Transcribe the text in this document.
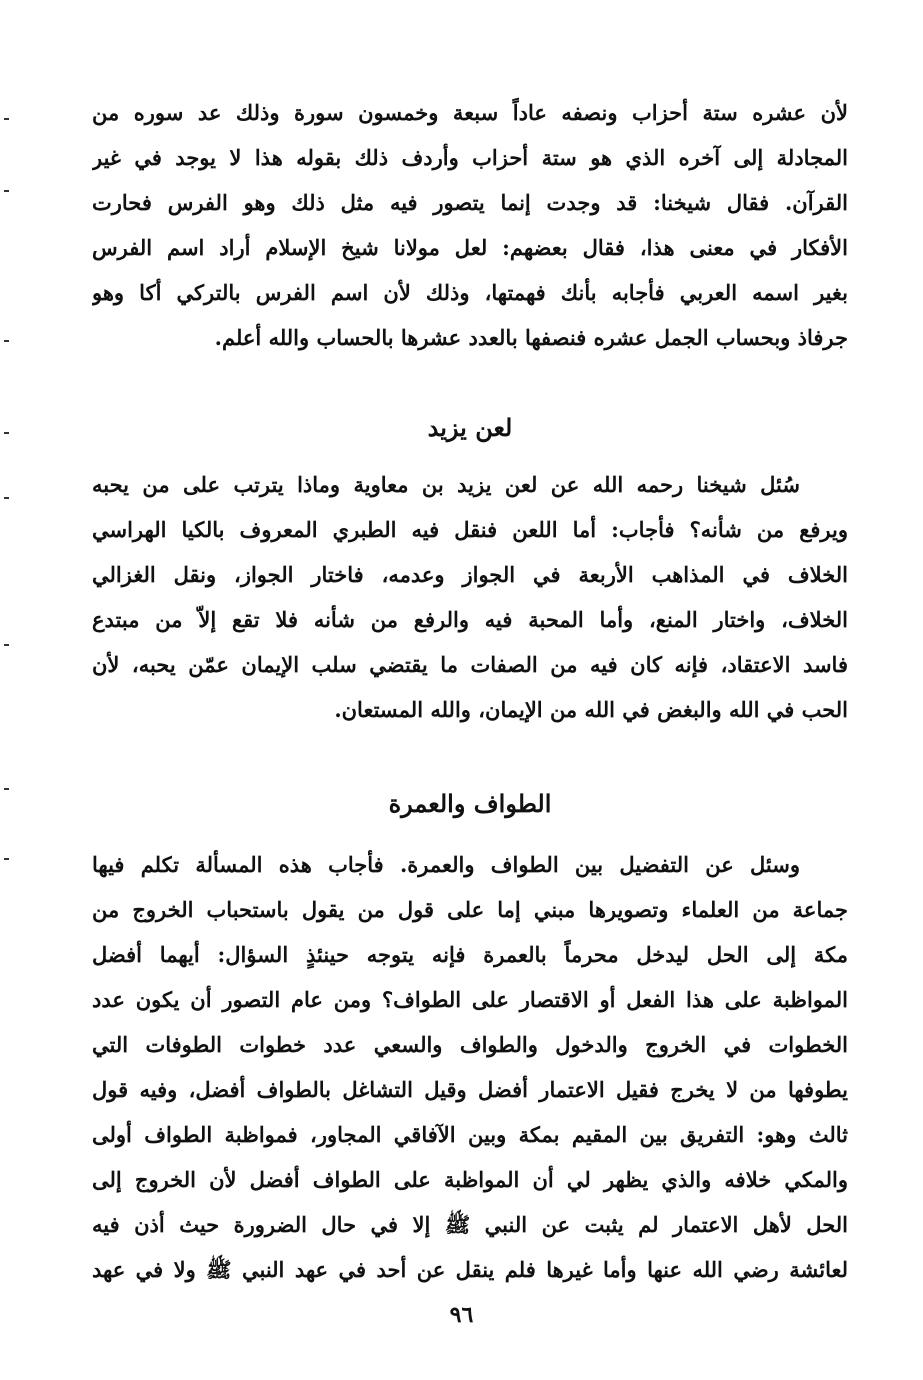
لأن عشره ستة أحزاب ونصفه عاداً سبعة وخمسون سورة وذلك عد سوره من
المجادلة إلى آخره الذي هو ستة أحزاب وأردف ذلك بقوله هذا لا يوجد في غير
القرآن. فقال شيخنا: قد وجدت إنما يتصور فيه مثل ذلك وهو الفرس فحارت
الأفكار في معنى هذا، فقال بعضهم: لعل مولانا شيخ الإسلام أراد اسم الفرس
بغير اسمه العربي فأجابه بأنك فهمتها، وذلك لأن اسم الفرس بالتركي أكا وهو
جرفاذ وبحساب الجمل عشره فنصفها بالعدد عشرها بالحساب والله أعلم.
لعن يزيد
سُئل شيخنا رحمه الله عن لعن يزيد بن معاوية وماذا يترتب على من يحبه
ويرفع من شأنه؟ فأجاب: أما اللعن فنقل فيه الطبري المعروف بالكيا الهراسي
الخلاف في المذاهب الأربعة في الجواز وعدمه، فاختار الجواز، ونقل الغزالي
الخلاف، واختار المنع، وأما المحبة فيه والرفع من شأنه فلا تقع إلاّ من مبتدع
فاسد الاعتقاد، فإنه كان فيه من الصفات ما يقتضي سلب الإيمان عمّن يحبه، لأن
الحب في الله والبغض في الله من الإيمان، والله المستعان.
الطواف والعمرة
وسئل عن التفضيل بين الطواف والعمرة. فأجاب هذه المسألة تكلم فيها
جماعة من العلماء وتصويرها مبني إما على قول من يقول باستحباب الخروج من
مكة إلى الحل ليدخل محرماً بالعمرة فإنه يتوجه حينئذٍ السؤال: أيهما أفضل
المواظبة على هذا الفعل أو الاقتصار على الطواف؟ ومن عام التصور أن يكون عدد
الخطوات في الخروج والدخول والطواف والسعي عدد خطوات الطوفات التي
يطوفها من لا يخرج فقيل الاعتمار أفضل وقيل التشاغل بالطواف أفضل، وفيه قول
ثالث وهو: التفريق بين المقيم بمكة وبين الآفاقي المجاور، فمواظبة الطواف أولى
والمكي خلافه والذي يظهر لي أن المواظبة على الطواف أفضل لأن الخروج إلى
الحل لأهل الاعتمار لم يثبت عن النبي ﷺ إلا في حال الضرورة حيث أذن فيه
لعائشة رضي الله عنها وأما غيرها فلم ينقل عن أحد في عهد النبي ﷺ ولا في عهد
٩٦
